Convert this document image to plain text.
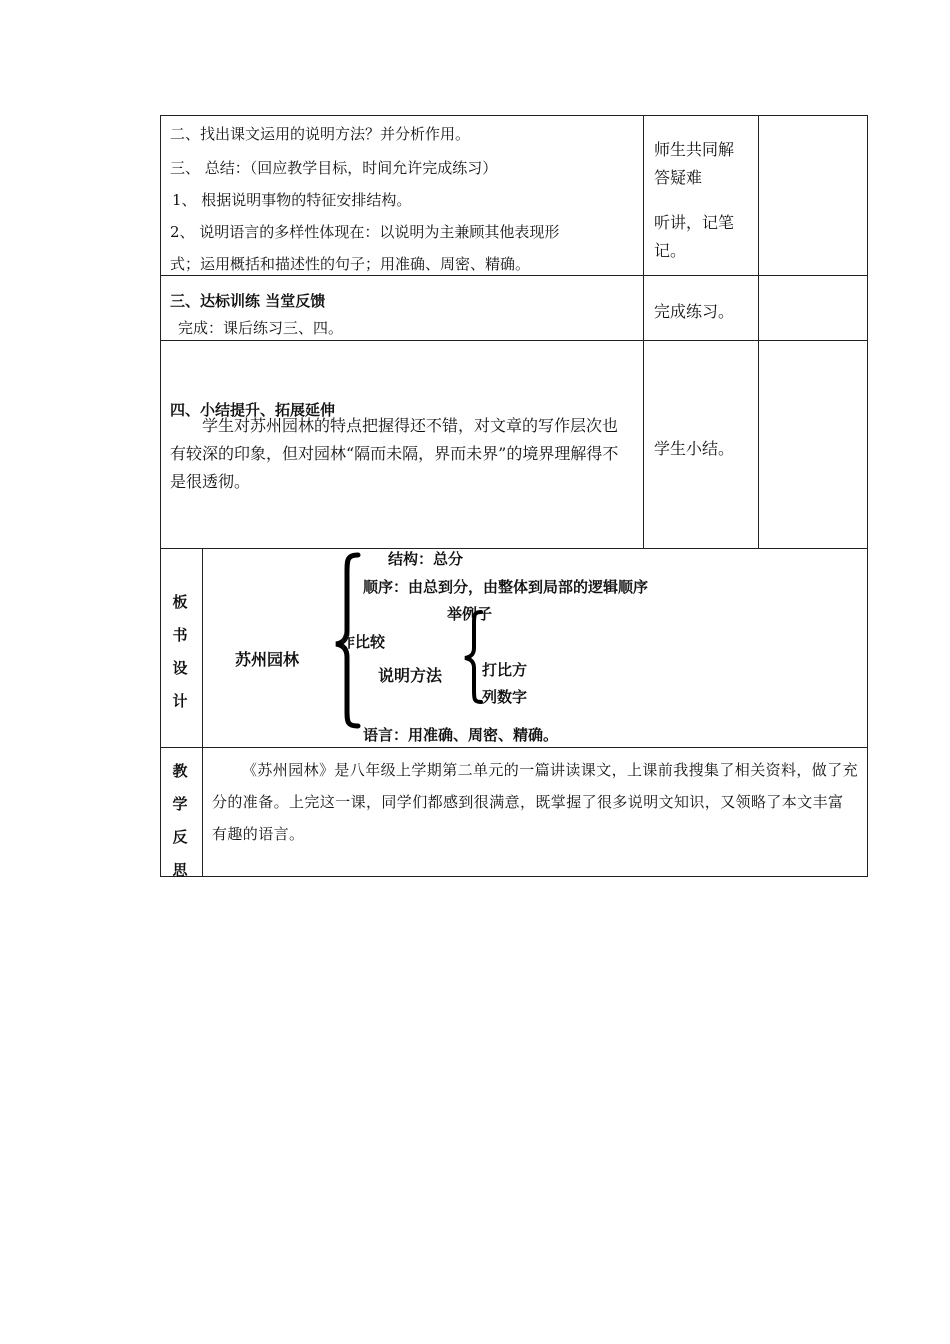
二、找出课文运用的说明方法？并分析作用。
三、 总结：（回应教学目标，时间允许完成练习）
1、 根据说明事物的特征安排结构。
2、 说明语言的多样性体现在：以说明为主兼顾其他表现形
式；运用概括和描述性的句子；用准确、周密、精确。
师生共同解
答疑难
听讲，记笔
记。
三、达标训练 当堂反馈
完成：课后练习三、四。
完成练习。
四、小结提升、拓展延伸
学生对苏州园林的特点把握得还不错，对文章的写作层次也有较深的印象，但对园林“隔而未隔，界而未界”的境界理解得不是很透彻。
学生小结。
板
书
设
计
苏州园林
结构：总分
顺序：由总到分，由整体到局部的逻辑顺序
举例子
作比较
说明方法	打比方
列数字
语言：用准确、周密、精确。
教
学
反
思
《苏州园林》是八年级上学期第二单元的一篇讲读课文，上课前我搜集了相关资料，做了充分的准备。上完这一课，同学们都感到很满意，既掌握了很多说明文知识，又领略了本文丰富有趣的语言。
